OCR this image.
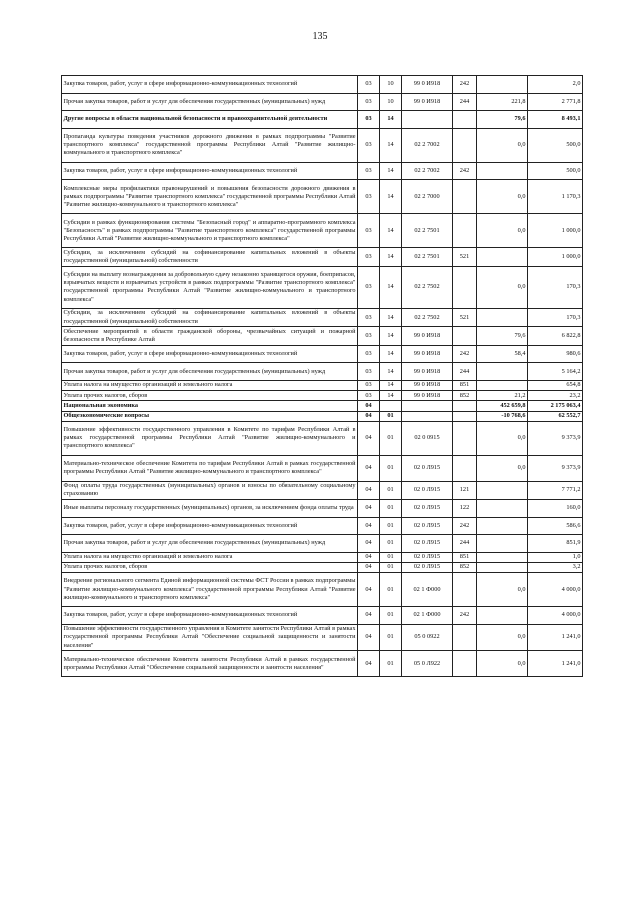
135
Закупка товаров, работ, услуг в сфере информационно-коммуникационных технологий	03	10	99 0 И918	242		2,0
Прочая закупка товаров, работ и услуг для обеспечения государственных (муниципальных) нужд	03	10	99 0 И918	244	221,8	2 771,8
Другие вопросы в области национальной безопасности и правоохранительной деятельности	03	14			79,6	8 493,1
Пропаганда культуры поведения участников дорожного движения в рамках подпрограммы "Развитие транспортного комплекса" государственной программы Республики Алтай "Развитие жилищно-коммунального и транспортного комплекса"	03	14	02 2 7002		0,0	500,0
Закупка товаров, работ, услуг в сфере информационно-коммуникационных технологий	03	14	02 2 7002	242		500,0
Комплексные меры профилактики правонарушений и повышения безопасности дорожного движения в рамках подпрограммы "Развитие транспортного комплекса" государственной программы Республики Алтай "Развитие жилищно-коммунального и транспортного комплекса"	03	14	02 2 7000		0,0	1 170,3
Субсидии в рамках функционирования системы "Безопасный город" и аппаратно-программного комплекса "Безопасность" в рамках подпрограммы "Развитие транспортного комплекса" государственной программы Республики Алтай "Развитие жилищно-коммунального и транспортного комплекса"	03	14	02 2 7501		0,0	1 000,0
Субсидии, за исключением субсидий на софинансирование капитальных вложений в объекты государственной (муниципальной) собственности	03	14	02 2 7501	521		1 000,0
Субсидии на выплату вознаграждения за добровольную сдачу незаконно хранящегося оружия, боеприпасов, взрывчатых веществ и взрывчатых устройств в рамках подпрограммы "Развитие транспортного комплекса" государственной программы Республики Алтай "Развитие жилищно-коммунального и транспортного комплекса"	03	14	02 2 7502		0,0	170,3
Субсидии, за исключением субсидий на софинансирование капитальных вложений в объекты государственной (муниципальной) собственности	03	14	02 2 7502	521		170,3
Обеспечение мероприятий в области гражданской обороны, чрезвычайных ситуаций и пожарной безопасности в Республике Алтай	03	14	99 0 И918		79,6	6 822,8
Закупка товаров, работ, услуг в сфере информационно-коммуникационных технологий	03	14	99 0 И918	242	58,4	980,6
Прочая закупка товаров, работ и услуг для обеспечения государственных (муниципальных) нужд	03	14	99 0 И918	244		5 164,2
Уплата налога на имущество организаций и земельного налога	03	14	99 0 И918	851		654,8
Уплата прочих налогов, сборов	03	14	99 0 И918	852	21,2	23,2
Национальная экономика	04				452 659,8	2 175 063,4
Общеэкономические вопросы	04	01			-10 768,6	62 552,7
Повышение эффективности государственного управления в Комитете по тарифам Республики Алтай в рамках государственной программы Республики Алтай "Развитие жилищно-коммунального и транспортного комплекса"	04	01	02 0 0915		0,0	9 373,9
Материально-техническое обеспечение Комитета по тарифам Республики Алтай в рамках государственной программы Республики Алтай "Развитие жилищно-коммунального и транспортного комплекса"	04	01	02 0 Л915		0,0	9 373,9
Фонд оплаты труда государственных (муниципальных) органов и взносы по обязательному социальному страхованию	04	01	02 0 Л915	121		7 771,2
Иные выплаты персоналу государственных (муниципальных) органов, за исключением фонда оплаты труда	04	01	02 0 Л915	122		160,0
Закупка товаров, работ, услуг в сфере информационно-коммуникационных технологий	04	01	02 0 Л915	242		586,6
Прочая закупка товаров, работ и услуг для обеспечения государственных (муниципальных) нужд	04	01	02 0 Л915	244		851,9
Уплата налога на имущество организаций и земельного налога	04	01	02 0 Л915	851		1,0
Уплата прочих налогов, сборов	04	01	02 0 Л915	852		3,2
Внедрение регионального сегмента Единой информационной системы ФСТ России в рамках подпрограммы "Развитие жилищно-коммунального комплекса" государственной программы Республики Алтай "Развитие жилищно-коммунального и транспортного комплекса"	04	01	02 1 Ф000		0,0	4 000,0
Закупка товаров, работ, услуг в сфере информационно-коммуникационных технологий	04	01	02 1 Ф000	242		4 000,0
Повышение эффективности государственного управления в Комитете занятости Республики Алтай в рамках государственной программы Республики Алтай "Обеспечение социальной защищенности и занятости населения"	04	01	05 0 0922		0,0	1 241,0
Материально-техническое обеспечение Комитета занятости Республики Алтай в рамках государственной программы Республики Алтай "Обеспечение социальной защищенности и занятости населения"	04	01	05 0 Л922		0,0	1 241,0
